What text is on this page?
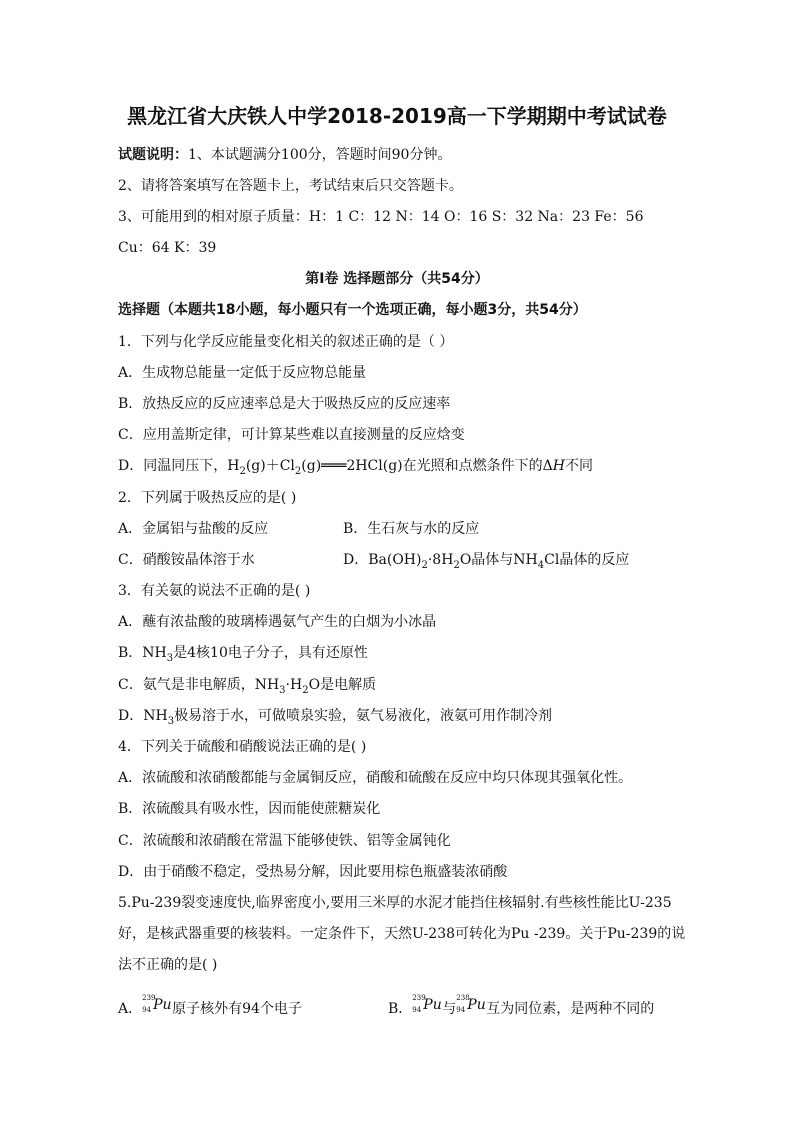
黑龙江省大庆铁人中学2018-2019高一下学期期中考试试卷
试题说明：1、本试题满分100分，答题时间90分钟。
2、请将答案填写在答题卡上，考试结束后只交答题卡。
3、可能用到的相对原子质量：H：1 C：12 N：14 O：16 S：32 Na：23 Fe：56
Cu：64 K：39
第Ⅰ卷 选择题部分（共54分）
选择题（本题共18小题，每小题只有一个选项正确，每小题3分，共54分）
1．下列与化学反应能量变化相关的叙述正确的是（ ）
A．生成物总能量一定低于反应物总能量
B．放热反应的反应速率总是大于吸热反应的反应速率
C．应用盖斯定律，可计算某些难以直接测量的反应焓变
D．同温同压下，$H_2(g)+Cl_2(g)═══2HCl(g)$在光照和点燃条件下的ΔH不同
2．下列属于吸热反应的是( )
A．金属铝与盐酸的反应	B．生石灰与水的反应
C．硝酸铵晶体溶于水	D．$Ba(OH)_2\cdot 8H_2O$晶体与$NH_4Cl$晶体的反应
3．有关氨的说法不正确的是( )
A．蘸有浓盐酸的玻璃棒遇氨气产生的白烟为小冰晶
B．$NH_3$是4核10电子分子，具有还原性
C．氨气是非电解质，$NH_3\cdot H_2O$是电解质
D．$NH_3$极易溶于水，可做喷泉实验，氨气易液化，液氨可用作制冷剂
4．下列关于硫酸和硝酸说法正确的是( )
A．浓硫酸和浓硝酸都能与金属铜反应，硝酸和硫酸在反应中均只体现其强氧化性。
B．浓硫酸具有吸水性，因而能使蔗糖炭化
C．浓硫酸和浓硝酸在常温下能够使铁、铝等金属钝化
D．由于硝酸不稳定，受热易分解，因此要用棕色瓶盛装浓硝酸
5.Pu-239裂变速度快,临界密度小,要用三米厚的水泥才能挡住核辐射.有些核性能比U-235
好，是核武器重要的核装料。一定条件下，天然U-238可转化为Pu -239。关于Pu-239的说
法不正确的是( )
A．
239
94 Pu 原子核外有94个电子	B．
239
94 Pu 与
238
94 Pu 互为同位素，是两种不同的
